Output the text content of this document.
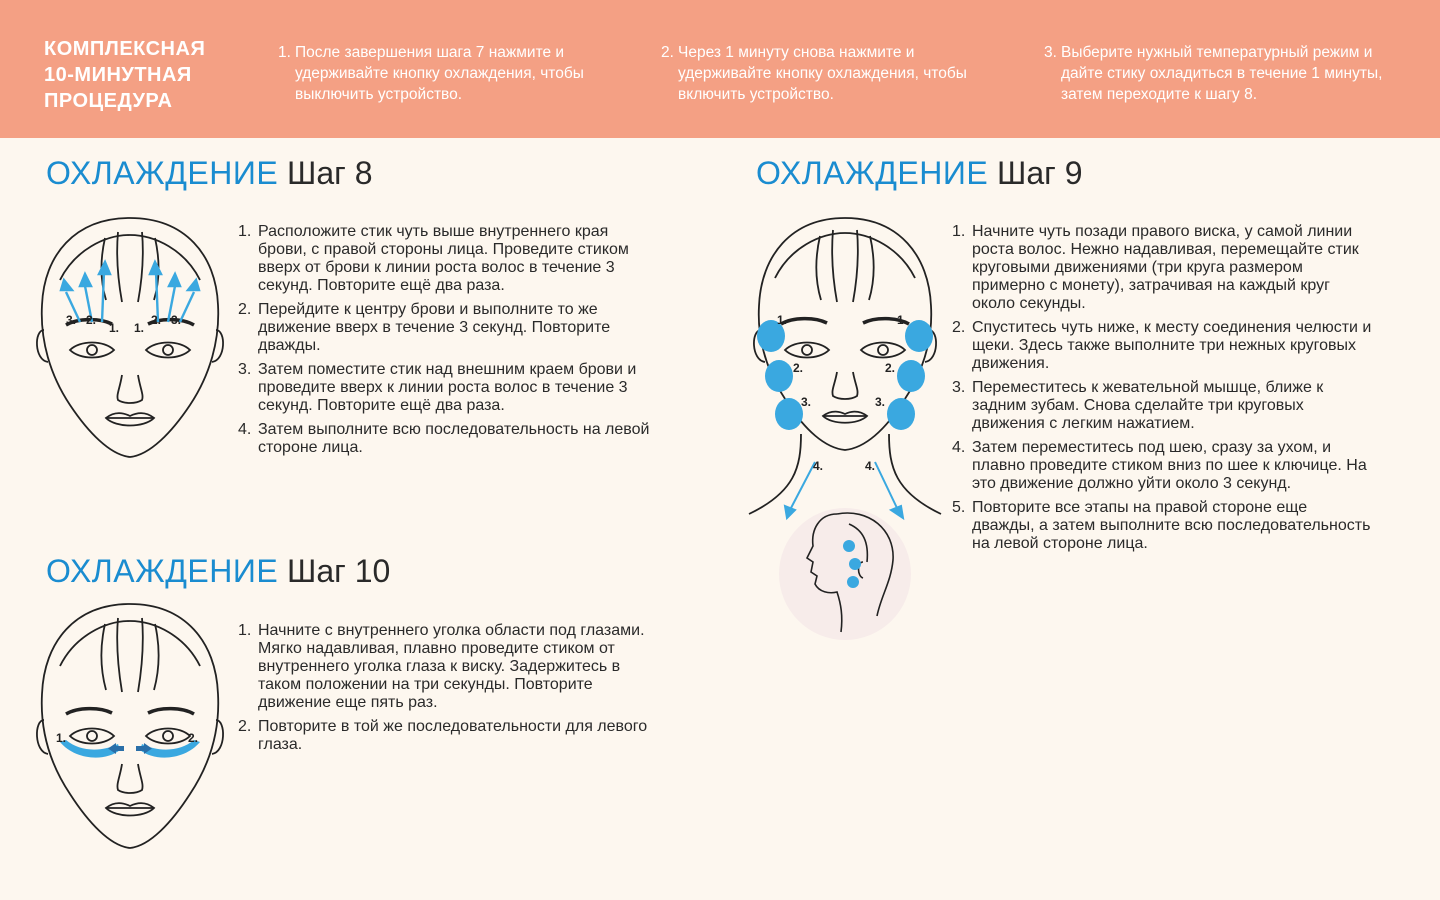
КОМПЛЕКСНАЯ
10-МИНУТНАЯ
ПРОЦЕДУРА

1. После завершения шага 7 нажмите и удерживайте кнопку охлаждения, чтобы выключить устройство.
2. Через 1 минуту снова нажмите и удерживайте кнопку охлаждения, чтобы включить устройство.
3. Выберите нужный температурный режим и дайте стику охладиться в течение 1 минуты, затем переходите к шагу 8.
ОХЛАЖДЕНИЕ Шаг 8
3. 2.
1. 1.
2. 3.
1. Расположите стик чуть выше внутреннего края брови, с правой стороны лица. Проведите стиком вверх от брови к линии роста волос в течение 3 секунд. Повторите ещё два раза.
2. Перейдите к центру брови и выполните то же движение вверх в течение 3 секунд. Повторите дважды.
3. Затем поместите стик над внешним краем брови и проведите вверх к линии роста волос в течение 3 секунд. Повторите ещё два раза.
4. Затем выполните всю последовательность на левой стороне лица.
ОХЛАЖДЕНИЕ Шаг 10
1.	2.
1. Начните с внутреннего уголка области под глазами. Мягко надавливая, плавно проведите стиком от внутреннего уголка глаза к виску. Задержитесь в таком положении на три секунды. Повторите движение еще пять раз.
2. Повторите в той же последовательности для левого глаза.
ОХЛАЖДЕНИЕ Шаг 9
1.	1.
2.	2.
3.	3.
4.	4.
1. Начните чуть позади правого виска, у самой линии роста волос. Нежно надавливая, перемещайте стик круговыми движениями (три круга размером примерно с монету), затрачивая на каждый круг около секунды.
2. Спуститесь чуть ниже, к месту соединения челюсти и щеки. Здесь также выполните три нежных круговых движения.
3. Переместитесь к жевательной мышце, ближе к задним зубам. Снова сделайте три круговых движения с легким нажатием.
4. Затем переместитесь под шею, сразу за ухом, и плавно проведите стиком вниз по шее к ключице. На это движение должно уйти около 3 секунд.
5. Повторите все этапы на правой стороне еще дважды, а затем выполните всю последовательность на левой стороне лица.
